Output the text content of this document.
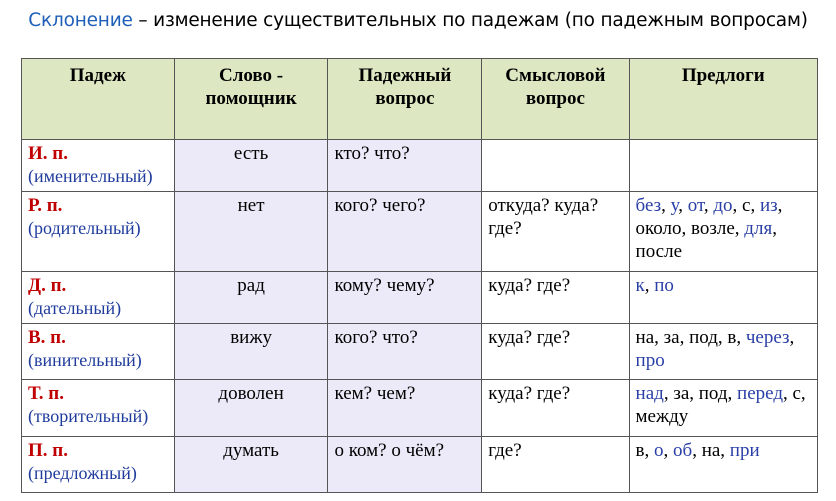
Склонение – изменение существительных по падежам (по падежным вопросам)
Падеж	Слово - помощник	Падежный вопрос	Смысловой вопрос	Предлоги

И. п.
(именительный)	есть	кто? что?		

Р. п.
(родительный)	нет	кого? чего?	откуда? куда? где?	без, у, от, до, с, из, около, возле, для, после

Д. п.
(дательный)	рад	кому? чему?	куда? где?	к, по

В. п.
(винительный)	вижу	кого? что?	куда? где?	на, за, под, в, через, про

Т. п.
(творительный)	доволен	кем? чем?	куда? где?	над, за, под, перед, с, между

П. п.
(предложный)	думать	о ком? о чём?	где?	в, о, об, на, при
